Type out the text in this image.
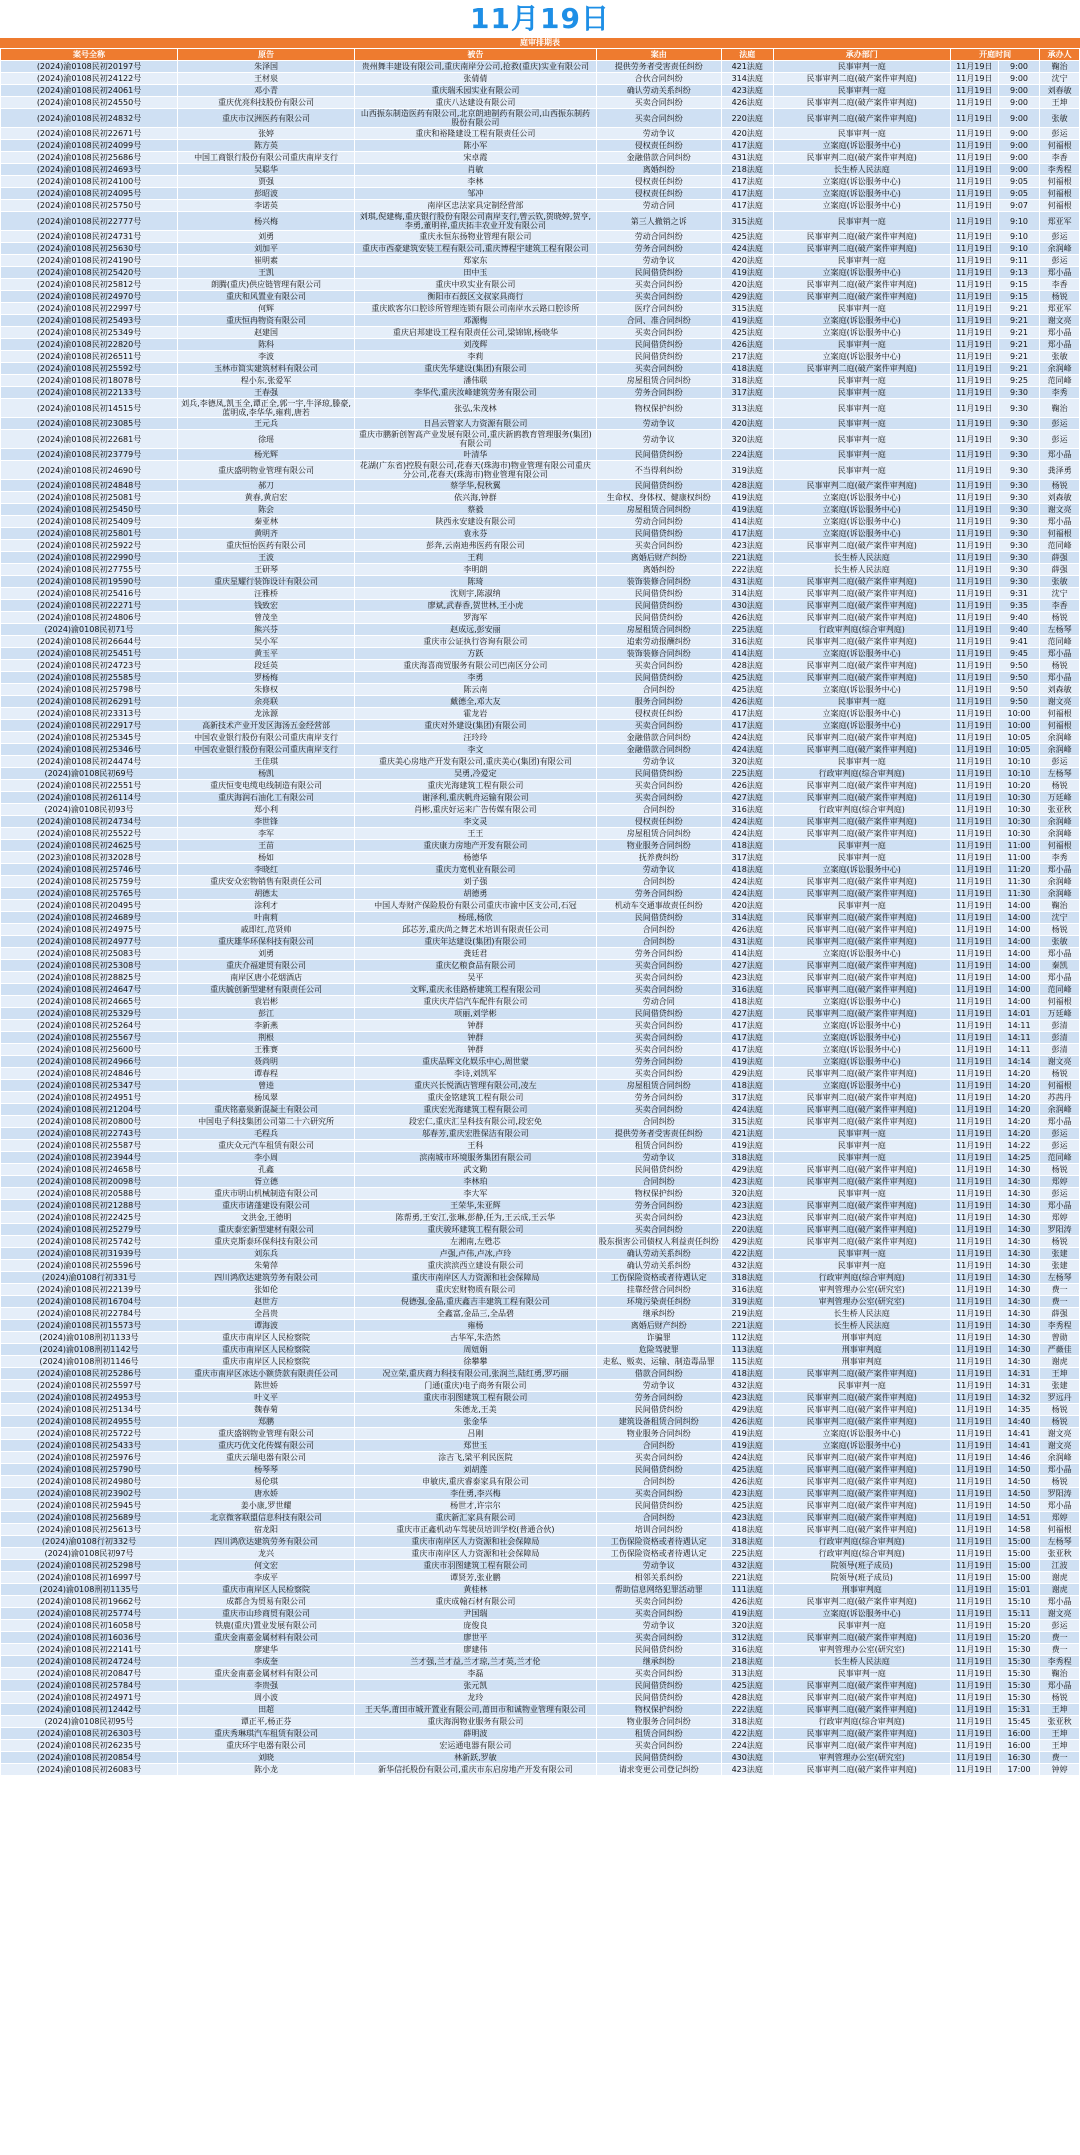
11月19日
庭审排期表
案号全称	原告	被告	案由	法庭	承办部门	开庭时间		承办人
(2024)渝0108民初20197号	朱泽国	贵州舞丰建设有限公司,重庆南岸分公司,抢救(重庆)实业有限公司	提供劳务者受害责任纠纷	421法庭	民事审判一庭	11月19日	9:00	鞠治
(2024)渝0108民初24122号	王材泉	张倩倩	合伙合同纠纷	314法庭	民事审判二庭(破产案件审判庭)	11月19日	9:00	沈宁
(2024)渝0108民初24061号	邓小青	重庆瑞禾园实业有限公司	确认劳动关系纠纷	423法庭	民事审判一庭	11月19日	9:00	刘春敏
(2024)渝0108民初24550号	重庆优亮科技股份有限公司	重庆八达建设有限公司	买卖合同纠纷	426法庭	民事审判二庭(破产案件审判庭)	11月19日	9:00	王坤
(2024)渝0108民初24832号	重庆市汉洲医药有限公司	山西振东制造医药有限公司,北京朗迪制药有限公司,山西振东制药股份有限公司	买卖合同纠纷	220法庭	民事审判二庭(破产案件审判庭)	11月19日	9:00	张敏
(2024)渝0108民初22671号	张婷	重庆和裕隆建设工程有限责任公司	劳动争议	420法庭	民事审判一庭	11月19日	9:00	彭运
(2024)渝0108民初24099号	陈方英	陈小军	侵权责任纠纷	417法庭	立案庭(诉讼服务中心)	11月19日	9:00	何福根
(2024)渝0108民初25686号	中国工商银行股份有限公司重庆南岸支行	宋卓霞	金融借款合同纠纷	431法庭	民事审判二庭(破产案件审判庭)	11月19日	9:00	李香
(2024)渝0108民初24693号	吴聪华	肖敏	离婚纠纷	218法庭	长生桥人民法庭	11月19日	9:00	李秀程
(2024)渝0108民初24100号	贾强	李林	侵权责任纠纷	417法庭	立案庭(诉讼服务中心)	11月19日	9:05	何福根
(2024)渝0108民初24095号	彭昭波	邹冲	侵权责任纠纷	417法庭	立案庭(诉讼服务中心)	11月19日	9:05	何福根
(2024)渝0108民初25750号	李诺英	南岸区忠法家具定制经营部	劳动合同	417法庭	立案庭(诉讼服务中心)	11月19日	9:07	何福根
(2024)渝0108民初22777号	杨兴梅	刘琪,倪建梅,重庆银行股份有限公司南岸支行,曾云钦,贺晓婷,贺亨,李勇,董明祥,重庆拓丰农业开发有限公司	第三人撤销之诉	315法庭	民事审判一庭	11月19日	9:10	郑亚军
(2024)渝0108民初24731号	刘勇	重庆永恒东扬物业管理有限公司	劳动合同纠纷	425法庭	民事审判二庭(破产案件审判庭)	11月19日	9:10	彭运
(2024)渝0108民初25630号	刘加平	重庆市西豪建筑安装工程有限公司,重庆博程宇建筑工程有限公司	劳务合同纠纷	424法庭	民事审判二庭(破产案件审判庭)	11月19日	9:10	余润峰
(2024)渝0108民初24190号	崔明素	郑家东	劳动争议	420法庭	民事审判一庭	11月19日	9:11	彭运
(2024)渝0108民初25420号	王凯	田中玉	民间借贷纠纷	419法庭	立案庭(诉讼服务中心)	11月19日	9:13	郑小晶
(2024)渝0108民初25812号	朗腾(重庆)供应链管理有限公司	重庆中玖实业有限公司	买卖合同纠纷	420法庭	民事审判二庭(破产案件审判庭)	11月19日	9:15	李香
(2024)渝0108民初24970号	重庆和风置业有限公司	衡阳市石鼓区文叔家具商行	买卖合同纠纷	429法庭	民事审判二庭(破产案件审判庭)	11月19日	9:15	杨锐
(2024)渝0108民初22997号	何辉	重庆欧客尔口腔诊所管理连锁有限公司南岸水云路口腔诊所	医疗合同纠纷	315法庭	民事审判一庭	11月19日	9:21	郑亚军
(2024)渝0108民初25493号	重庆恒冉物资有限公司	邓源梅	合同、准合同纠纷	419法庭	立案庭(诉讼服务中心)	11月19日	9:21	谢文亮
(2024)渝0108民初25349号	赵建国	重庆启邦建设工程有限责任公司,梁锦锦,杨晓华	买卖合同纠纷	425法庭	立案庭(诉讼服务中心)	11月19日	9:21	郑小晶
(2024)渝0108民初22820号	陈科	刘茂辉	民间借贷纠纷	426法庭	民事审判一庭	11月19日	9:21	郑小晶
(2024)渝0108民初26511号	李波	李莉	民间借贷纠纷	217法庭	立案庭(诉讼服务中心)	11月19日	9:21	张敏
(2024)渝0108民初25592号	玉林市简实建筑材料有限公司	重庆先华建设(集团)有限公司	买卖合同纠纷	418法庭	民事审判二庭(破产案件审判庭)	11月19日	9:21	余润峰
(2024)渝0108民初18078号	程小东,张爱军	潘伟联	房屋租赁合同纠纷	318法庭	民事审判一庭	11月19日	9:25	范同峰
(2024)渝0108民初22133号	王春强	李华代,重庆汝峰建筑劳务有限公司	劳务合同纠纷	317法庭	民事审判一庭	11月19日	9:30	李秀
(2024)渝0108民初14515号	刘兵,李德凤,凯玉全,谭正全,郭一宇,牛泽琼,滕豪,蓝明成,李华华,雍莉,唐若	张弘,朱茂林	物权保护纠纷	313法庭	民事审判一庭	11月19日	9:30	鞠治
(2024)渝0108民初23085号	王元兵	日昌云管家人力资源有限公司	劳动争议	420法庭	民事审判一庭	11月19日	9:30	彭运
(2024)渝0108民初22681号	徐瑶	重庆市鹏新创智高产业发展有限公司,重庆新鸥教育管理服务(集团)有限公司	劳动争议	320法庭	民事审判一庭	11月19日	9:30	彭运
(2024)渝0108民初23779号	杨光辉	叶清华	民间借贷纠纷	224法庭	民事审判一庭	11月19日	9:30	郑小晶
(2024)渝0108民初24690号	重庆盛明物业管理有限公司	花湖(广东省)控股有限公司,花春天(珠海市)物业管理有限公司重庆分公司,花春天(珠海市)物业管理有限公司	不当得利纠纷	319法庭	民事审判一庭	11月19日	9:30	龚泽勇
(2024)渝0108民初24848号	郝刀	蔡学华,倪秋翼	民间借贷纠纷	428法庭	民事审判二庭(破产案件审判庭)	11月19日	9:30	杨锐
(2024)渝0108民初25081号	黄春,黄启宏	依兴海,钟群	生命权、身体权、健康权纠纷	419法庭	立案庭(诉讼服务中心)	11月19日	9:30	刘森敏
(2024)渝0108民初25450号	陈会	蔡毅	房屋租赁合同纠纷	419法庭	立案庭(诉讼服务中心)	11月19日	9:30	谢文亮
(2024)渝0108民初25409号	秦亚林	陕西永安建设有限公司	劳动合同纠纷	414法庭	立案庭(诉讼服务中心)	11月19日	9:30	郑小晶
(2024)渝0108民初25801号	黄明齐	袁永芬	民间借贷纠纷	417法庭	立案庭(诉讼服务中心)	11月19日	9:30	何福根
(2024)渝0108民初25922号	重庆恒怡医药有限公司	彭奔,云南迪弗医药有限公司	买卖合同纠纷	423法庭	民事审判二庭(破产案件审判庭)	11月19日	9:30	范同峰
(2024)渝0108民初22990号	王波	王莉	离婚后财产纠纷	221法庭	长生桥人民法庭	11月19日	9:30	薛强
(2024)渝0108民初27755号	王研琴	李明朗	离婚纠纷	222法庭	长生桥人民法庭	11月19日	9:30	薛强
(2024)渝0108民初19590号	重庆星耀行装饰设计有限公司	陈琦	装饰装修合同纠纷	431法庭	民事审判二庭(破产案件审判庭)	11月19日	9:30	张敏
(2024)渝0108民初25416号	汪雅桥	沈则宇,陈淑纳	民间借贷纠纷	314法庭	民事审判二庭(破产案件审判庭)	11月19日	9:31	沈宁
(2024)渝0108民初22271号	钱致宏	廖斌,武春香,贺世林,王小虎	民间借贷纠纷	430法庭	民事审判二庭(破产案件审判庭)	11月19日	9:35	李香
(2024)渝0108民初24806号	曾茂坐	罗海军	民间借贷纠纷	426法庭	民事审判二庭(破产案件审判庭)	11月19日	9:40	杨锐
(2024)渝0108民初71号	熊兴芬	赵成远,彭安丽	房屋租赁合同纠纷	225法庭	行政审判庭(综合审判庭)	11月19日	9:40	左杨琴
(2024)渝0108民初26644号	吴小军	重庆市公证执行咨询有限公司	追索劳动报酬纠纷	316法庭	民事审判二庭(破产案件审判庭)	11月19日	9:41	范同峰
(2024)渝0108民初25451号	黄玉平	方跃	装饰装修合同纠纷	414法庭	立案庭(诉讼服务中心)	11月19日	9:45	郑小晶
(2024)渝0108民初24723号	段廷英	重庆海喜商贸服务有限公司巴南区分公司	买卖合同纠纷	428法庭	民事审判二庭(破产案件审判庭)	11月19日	9:50	杨锐
(2024)渝0108民初25585号	罗杨梅	李勇	民间借贷纠纷	425法庭	民事审判二庭(破产案件审判庭)	11月19日	9:50	郑小晶
(2024)渝0108民初25798号	朱修权	陈云南	合同纠纷	425法庭	立案庭(诉讼服务中心)	11月19日	9:50	刘森敏
(2024)渝0108民初26291号	余亮联	戴德全,邓大友	服务合同纠纷	426法庭	民事审判一庭	11月19日	9:50	谢文亮
(2024)渝0108民初23313号	龙泳源	霍龙岩	侵权责任纠纷	417法庭	立案庭(诉讼服务中心)	11月19日	10:00	何福根
(2024)渝0108民初22917号	高新技术产业开发区海汤五金经营部	重庆对外建设(集团)有限公司	买卖合同纠纷	417法庭	立案庭(诉讼服务中心)	11月19日	10:00	何福根
(2024)渝0108民初25345号	中国农业银行股份有限公司重庆南岸支行	汪玲玲	金融借款合同纠纷	424法庭	民事审判二庭(破产案件审判庭)	11月19日	10:05	余润峰
(2024)渝0108民初25346号	中国农业银行股份有限公司重庆南岸支行	李文	金融借款合同纠纷	424法庭	民事审判二庭(破产案件审判庭)	11月19日	10:05	余润峰
(2024)渝0108民初24474号	王佳琪	重庆美心房地产开发有限公司,重庆美心(集团)有限公司	劳动争议	320法庭	民事审判一庭	11月19日	10:10	彭运
(2024)渝0108民初69号	杨凯	吴勇,冷爱定	民间借贷纠纷	225法庭	行政审判庭(综合审判庭)	11月19日	10:10	左杨琴
(2024)渝0108民初22551号	重庆恒变电缆电线制造有限公司	重庆光海建筑工程有限公司	买卖合同纠纷	426法庭	民事审判二庭(破产案件审判庭)	11月19日	10:20	杨锐
(2024)渝0108民初26114号	重庆海润石油化工有限公司	谢泽利,重庆帆舟运输有限公司	买卖合同纠纷	427法庭	民事审判二庭(破产案件审判庭)	11月19日	10:30	万廷峰
(2024)渝0108民初93号	郑小利	肖彬,重庆好运来广告传媒有限公司	合同纠纷	316法庭	行政审判庭(综合审判庭)	11月19日	10:30	张亚秋
(2024)渝0108民初24734号	李世锋	李文灵	侵权责任纠纷	424法庭	民事审判二庭(破产案件审判庭)	11月19日	10:30	余润峰
(2024)渝0108民初25522号	李军	王王	房屋租赁合同纠纷	424法庭	民事审判二庭(破产案件审判庭)	11月19日	10:30	余润峰
(2024)渝0108民初24625号	王苗	重庆康力房地产开发有限公司	物业服务合同纠纷	418法庭	民事审判一庭	11月19日	11:00	何福根
(2023)渝0108民初32028号	杨如	杨德华	抚养费纠纷	317法庭	民事审判一庭	11月19日	11:00	李秀
(2024)渝0108民初25746号	李晓红	重庆力宽机业有限公司	劳动争议	418法庭	立案庭(诉讼服务中心)	11月19日	11:20	郑小晶
(2024)渝0108民初25759号	重庆安众宏物销售有限责任公司	刘子强	合同纠纷	424法庭	民事审判二庭(破产案件审判庭)	11月19日	11:30	余润峰
(2024)渝0108民初25765号	胡德太	胡德勇	劳务合同纠纷	424法庭	民事审判二庭(破产案件审判庭)	11月19日	11:30	余润峰
(2024)渝0108民初20495号	涂利才	中国人寿财产保险股份有限公司重庆市渝中区支公司,石冠	机动车交通事故责任纠纷	420法庭	民事审判一庭	11月19日	14:00	鞠治
(2024)渝0108民初24689号	叶南莉	杨瑶,杨欣	民间借贷纠纷	314法庭	民事审判二庭(破产案件审判庭)	11月19日	14:00	沈宁
(2024)渝0108民初24975号	戚即红,范贤帅	邱芯芳,重庆尚之舞艺术培训有限责任公司	合同纠纷	426法庭	民事审判二庭(破产案件审判庭)	11月19日	14:00	杨锐
(2024)渝0108民初24977号	重庆雄华环保科技有限公司	重庆年达建设(集团)有限公司	合同纠纷	431法庭	民事审判二庭(破产案件审判庭)	11月19日	14:00	张敏
(2024)渝0108民初25083号	刘勇	龚廷君	劳务合同纠纷	414法庭	立案庭(诉讼服务中心)	11月19日	14:00	郑小晶
(2024)渝0108民初25308号	重庆介福建贸有限公司	重庆亿粮食品有限公司	买卖合同纠纷	427法庭	民事审判二庭(破产案件审判庭)	11月19日	14:00	秦凯
(2024)渝0108民初28825号	南岸区唐小花烟酒店	吴平	买卖合同纠纷	423法庭	民事审判二庭(破产案件审判庭)	11月19日	14:00	郑小晶
(2024)渝0108民初24647号	重庆毓创新型建材有限责任公司	文辉,重庆永佳路桥建筑工程有限公司	买卖合同纠纷	316法庭	民事审判二庭(破产案件审判庭)	11月19日	14:00	范同峰
(2024)渝0108民初24665号	袁岩彬	重庆庆芹信汽车配件有限公司	劳动合同	418法庭	立案庭(诉讼服务中心)	11月19日	14:00	何福根
(2024)渝0108民初25329号	彭江	项丽,刘学彬	民间借贷纠纷	427法庭	民事审判二庭(破产案件审判庭)	11月19日	14:01	万廷峰
(2024)渝0108民初25264号	李新燕	钟群	买卖合同纠纷	417法庭	立案庭(诉讼服务中心)	11月19日	14:11	彭清
(2024)渝0108民初25567号	荆根	钟群	买卖合同纠纷	417法庭	立案庭(诉讼服务中心)	11月19日	14:11	彭清
(2024)渝0108民初25600号	王雅赛	钟群	买卖合同纠纷	417法庭	立案庭(诉讼服务中心)	11月19日	14:11	彭清
(2024)渝0108民初24966号	聂尚明	重庆品辉文化娱乐中心,周世蒙	劳务合同纠纷	419法庭	立案庭(诉讼服务中心)	11月19日	14:14	谢文亮
(2024)渝0108民初24846号	谭春程	李诗,刘凯军	买卖合同纠纷	429法庭	民事审判二庭(破产案件审判庭)	11月19日	14:20	杨锐
(2024)渝0108民初25347号	曾逵	重庆兴长悦酒店管理有限公司,凌左	房屋租赁合同纠纷	418法庭	立案庭(诉讼服务中心)	11月19日	14:20	何福根
(2024)渝0108民初24951号	杨凤翠	重庆金铭建筑工程有限公司	劳务合同纠纷	317法庭	民事审判二庭(破产案件审判庭)	11月19日	14:20	苏茜丹
(2024)渝0108民初21204号	重庆铭嘉泉新混凝土有限公司	重庆宏光海建筑工程有限公司	买卖合同纠纷	424法庭	民事审判二庭(破产案件审判庭)	11月19日	14:20	余润峰
(2024)渝0108民初20800号	中国电子科技集团公司第二十六研究所	段宏仁,重庆汇呈科技有限公司,段宏免	合同纠纷	315法庭	民事审判二庭(破产案件审判庭)	11月19日	14:20	郑小晶
(2024)渝0108民初22743号	毛程兵	邬春芳,重庆宏胜保洁有限公司	提供劳务者受害责任纠纷	421法庭	民事审判一庭	11月19日	14:20	彭运
(2024)渝0108民初25587号	重庆众元汽车租赁有限公司	王科	租赁合同纠纷	419法庭	民事审判一庭	11月19日	14:22	彭运
(2024)渝0108民初23944号	李小周	滨南城市环境服务集团有限公司	劳动争议	318法庭	民事审判一庭	11月19日	14:25	范同峰
(2024)渝0108民初24658号	孔鑫	武文勤	民间借贷纠纷	429法庭	民事审判二庭(破产案件审判庭)	11月19日	14:30	杨锐
(2024)渝0108民初20098号	胥立德	李林珀	合同纠纷	423法庭	民事审判二庭(破产案件审判庭)	11月19日	14:30	郑婷
(2024)渝0108民初20588号	重庆市明山机械制造有限公司	李大军	物权保护纠纷	320法庭	民事审判一庭	11月19日	14:30	彭运
(2024)渝0108民初21288号	重庆市诸蓬建设有限公司	王荣华,朱亚辉	劳务合同纠纷	423法庭	民事审判二庭(破产案件审判庭)	11月19日	14:30	郑小晶
(2024)渝0108民初22425号	文洪金,王德明	陈帮勇,王安江,张琳,彭静,任为,王云成,王云华	买卖合同纠纷	423法庭	民事审判二庭(破产案件审判庭)	11月19日	14:30	郑婷
(2024)渝0108民初25279号	重庆泰宏新型建材有限公司	重庆骏环建筑工程有限公司	买卖合同纠纷	220法庭	民事审判二庭(破产案件审判庭)	11月19日	14:30	罗阳涛
(2024)渝0108民初25742号	重庆克斯泰环保科技有限公司	左湘南,左甦芯	股东损害公司债权人利益责任纠纷	429法庭	民事审判二庭(破产案件审判庭)	11月19日	14:30	杨锐
(2024)渝0108民初31939号	刘东兵	卢强,卢伟,卢冰,卢玲	确认劳动关系纠纷	422法庭	民事审判一庭	11月19日	14:30	张建
(2024)渝0108民初25596号	朱菊萍	重庆滨滨西立建设有限公司	确认劳动关系纠纷	432法庭	民事审判一庭	11月19日	14:30	张建
(2024)渝0108行初331号	四川鸿欣达建筑劳务有限公司	重庆市南岸区人力资源和社会保障局	工伤保险资格或者待遇认定	318法庭	行政审判庭(综合审判庭)	11月19日	14:30	左杨琴
(2024)渝0108民初22139号	张如伦	重庆宏财物质有限公司	挂靠经营合同纠纷	316法庭	审判管理办公室(研究室)	11月19日	14:30	费一
(2024)渝0108民初16704号	赵世方	倪德强,金晶,重庆鑫吉丰建筑工程有限公司	环境污染责任纠纷	319法庭	审判管理办公室(研究室)	11月19日	14:30	费一
(2024)渝0108民初22784号	全昌贵	全鑫富,金品三,全品碧	继承纠纷	219法庭	长生桥人民法庭	11月19日	14:30	薛强
(2024)渝0108民初15573号	谭海波	雍杨	离婚后财产纠纷	221法庭	长生桥人民法庭	11月19日	14:30	李秀程
(2024)渝0108刑初1133号	重庆市南岸区人民检察院	古华军,朱浩然	诈骗罪	112法庭	刑事审判庭	11月19日	14:30	曾勋
(2024)渝0108刑初1142号	重庆市南岸区人民检察院	周妞娟	危险驾驶罪	113法庭	刑事审判庭	11月19日	14:30	严薇佳
(2024)渝0108刑初1146号	重庆市南岸区人民检察院	徐攀攀	走私、贩卖、运输、制造毒品罪	115法庭	刑事审判庭	11月19日	14:30	谢虎
(2024)渝0108民初25286号	重庆市南岸区冰达小额贷款有限责任公司	况立荣,重庆商力科技有限公司,张润兰,陆红勇,罗巧丽	借款合同纠纷	418法庭	民事审判二庭(破产案件审判庭)	11月19日	14:31	王坤
(2024)渝0108民初25597号	陈世娇	门通(重庆)电子商务有限公司	劳动争议	432法庭	民事审判一庭	11月19日	14:31	张建
(2024)渝0108民初24953号	叶义平	重庆市羽图建筑工程有限公司	劳务合同纠纷	423法庭	民事审判二庭(破产案件审判庭)	11月19日	14:32	罗远丹
(2024)渝0108民初25134号	魏春菊	朱德龙,王美	民间借贷纠纷	429法庭	民事审判二庭(破产案件审判庭)	11月19日	14:35	杨锐
(2024)渝0108民初24955号	郑鹏	张金华	建筑设备租赁合同纠纷	426法庭	民事审判二庭(破产案件审判庭)	11月19日	14:40	杨锐
(2024)渝0108民初25722号	重庆盛钢物业管理有限公司	吕刚	物业服务合同纠纷	419法庭	立案庭(诉讼服务中心)	11月19日	14:41	谢文亮
(2024)渝0108民初25433号	重庆巧优文化传媒有限公司	郑世玉	合同纠纷	419法庭	立案庭(诉讼服务中心)	11月19日	14:41	谢文亮
(2024)渝0108民初25976号	重庆云瑞电器有限公司	涂吉飞,梁平利民医院	买卖合同纠纷	424法庭	民事审判二庭(破产案件审判庭)	11月19日	14:46	余润峰
(2024)渝0108民初25790号	杨琴琴	刘胡莲	民间借贷纠纷	425法庭	民事审判二庭(破产案件审判庭)	11月19日	14:50	郑小晶
(2024)渝0108民初24980号	易伦琪	申敏庆,重庆睿泰家具有限公司	合同纠纷	426法庭	民事审判二庭(破产案件审判庭)	11月19日	14:50	杨锐
(2024)渝0108民初23902号	唐水娇	李仕勇,李兴梅	买卖合同纠纷	423法庭	民事审判二庭(破产案件审判庭)	11月19日	14:50	罗阳涛
(2024)渝0108民初25945号	姜小康,罗世耀	杨世才,许宗尔	民间借贷纠纷	425法庭	民事审判二庭(破产案件审判庭)	11月19日	14:50	郑小晶
(2024)渝0108民初25689号	北京微客联盟信息科技有限公司	重庆新汇家具有限公司	合同纠纷	423法庭	民事审判二庭(破产案件审判庭)	11月19日	14:51	郑婷
(2024)渝0108民初25613号	宿龙阳	重庆市正鑫机动车驾驶员培训学校(普通合伙)	培训合同纠纷	418法庭	民事审判二庭(破产案件审判庭)	11月19日	14:58	何福根
(2024)渝0108行初332号	四川鸿欣达建筑劳务有限公司	重庆市南岸区人力资源和社会保障局	工伤保险资格或者待遇认定	318法庭	行政审判庭(综合审判庭)	11月19日	15:00	左杨琴
(2024)渝0108民初97号	龙兴	重庆市南岸区人力资源和社会保障局	工伤保险资格或者待遇认定	225法庭	行政审判庭(综合审判庭)	11月19日	15:00	张亚秋
(2024)渝0108民初25298号	何文宏	重庆市羽图建筑工程有限公司	劳动争议	432法庭	院领导(班子成员)	11月19日	15:00	江波
(2024)渝0108民初16997号	李成平	谭贤芳,张业鹏	相邻关系纠纷	221法庭	院领导(班子成员)	11月19日	15:00	谢虎
(2024)渝0108刑初1135号	重庆市南岸区人民检察院	黄桂林	帮助信息网络犯罪活动罪	111法庭	刑事审判庭	11月19日	15:01	谢虎
(2024)渝0108民初19662号	成都合为贸易有限公司	重庆成翰石材有限公司	买卖合同纠纷	426法庭	民事审判二庭(破产案件审判庭)	11月19日	15:10	郑小晶
(2024)渝0108民初25774号	重庆市山珍商贸有限公司	尹国瑞	买卖合同纠纷	419法庭	立案庭(诉讼服务中心)	11月19日	15:11	谢文亮
(2024)渝0108民初16058号	铁鹿(重庆)置业发展有限公司	庞俊良	劳动争议	320法庭	民事审判一庭	11月19日	15:20	彭运
(2024)渝0108民初16036号	重庆金南嘉金属材料有限公司	廖世平	买卖合同纠纷	312法庭	民事审判二庭(破产案件审判庭)	11月19日	15:20	费一
(2024)渝0108民初22141号	廖建华	廖建伟	民间借贷纠纷	316法庭	审判管理办公室(研究室)	11月19日	15:30	费一
(2024)渝0108民初24724号	李成奎	兰才强,兰才益,兰才琼,兰才英,兰才伦	继承纠纷	218法庭	长生桥人民法庭	11月19日	15:30	李秀程
(2024)渝0108民初20847号	重庆金南嘉金属材料有限公司	李磊	买卖合同纠纷	313法庭	民事审判一庭	11月19日	15:30	鞠治
(2024)渝0108民初25784号	李贵强	张元凯	民间借贷纠纷	425法庭	民事审判二庭(破产案件审判庭)	11月19日	15:30	郑小晶
(2024)渝0108民初24971号	周小波	龙玲	民间借贷纠纷	428法庭	民事审判二庭(破产案件审判庭)	11月19日	15:30	杨锐
(2024)渝0108民初12442号	田超	王天华,莆田市城开置业有限公司,莆田市和诚物业管理有限公司	物权保护纠纷	222法庭	民事审判二庭(破产案件审判庭)	11月19日	15:31	王坤
(2024)渝0108民初95号	谭正平,杨正芬	重庆海润物业服务有限公司	物业服务合同纠纷	318法庭	行政审判庭(综合审判庭)	11月19日	15:45	张亚秋
(2024)渝0108民初26303号	重庆秀琳琪汽车租赁有限公司	薛明波	租赁合同纠纷	422法庭	民事审判二庭(破产案件审判庭)	11月19日	16:00	王坤
(2024)渝0108民初26235号	重庆环宇电器有限公司	宏运通电器有限公司	买卖合同纠纷	224法庭	民事审判二庭(破产案件审判庭)	11月19日	16:00	王坤
(2024)渝0108民初20854号	刘晓	林新跃,罗敏	民间借贷纠纷	430法庭	审判管理办公室(研究室)	11月19日	16:30	费一
(2024)渝0108民初26083号	陈小龙	新华信托股份有限公司,重庆市东启房地产开发有限公司	请求变更公司登记纠纷	423法庭	民事审判二庭(破产案件审判庭)	11月19日	17:00	钟婷
